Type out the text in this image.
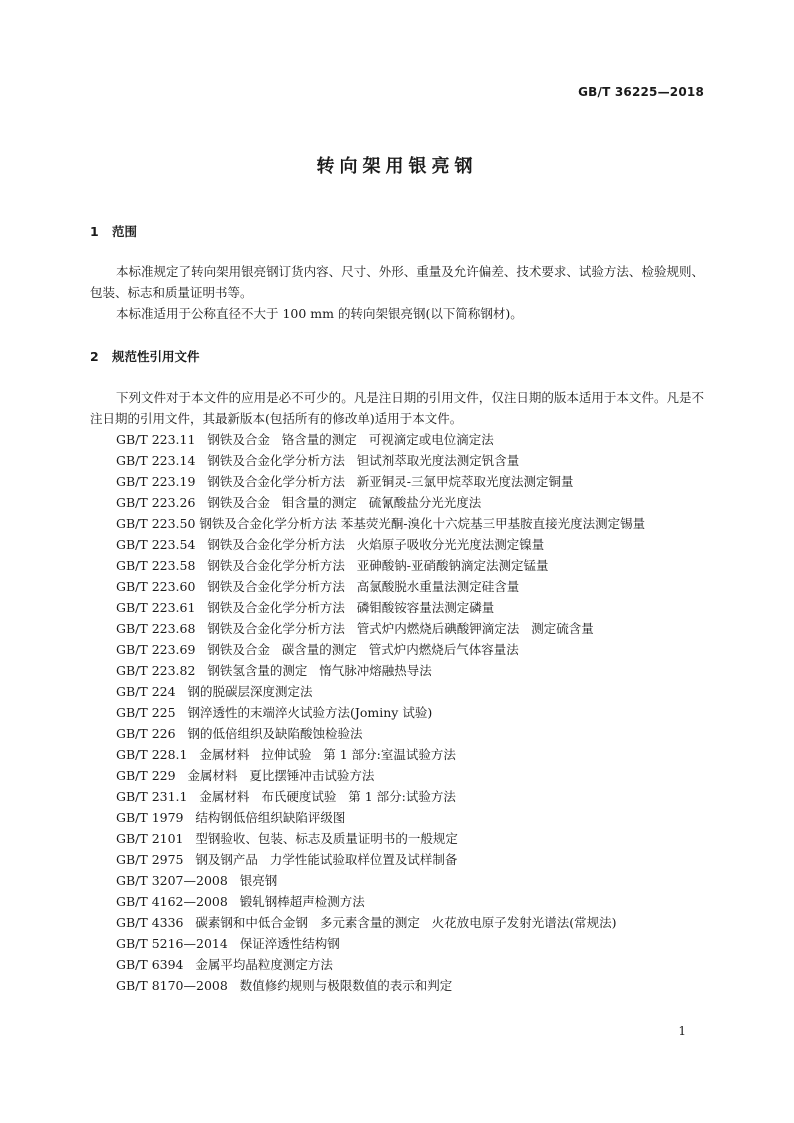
GB/T 36225—2018
转向架用银亮钢
1 范围
本标准规定了转向架用银亮钢订货内容、尺寸、外形、重量及允许偏差、技术要求、试验方法、检验规则、包装、标志和质量证明书等。
本标准适用于公称直径不大于 100 mm 的转向架银亮钢(以下简称钢材)。
2 规范性引用文件
下列文件对于本文件的应用是必不可少的。凡是注日期的引用文件，仅注日期的版本适用于本文件。凡是不注日期的引用文件，其最新版本(包括所有的修改单)适用于本文件。
GB/T 223.11   钢铁及合金   铬含量的测定   可视滴定或电位滴定法
GB/T 223.14   钢铁及合金化学分析方法   钽试剂萃取光度法测定钒含量
GB/T 223.19   钢铁及合金化学分析方法   新亚铜灵-三氯甲烷萃取光度法测定铜量
GB/T 223.26   钢铁及合金   钼含量的测定   硫氰酸盐分光光度法
GB/T 223.50 钢铁及合金化学分析方法 苯基荧光酮-溴化十六烷基三甲基胺直接光度法测定锡量
GB/T 223.54   钢铁及合金化学分析方法   火焰原子吸收分光光度法测定镍量
GB/T 223.58   钢铁及合金化学分析方法   亚砷酸钠-亚硝酸钠滴定法测定锰量
GB/T 223.60   钢铁及合金化学分析方法   高氯酸脱水重量法测定硅含量
GB/T 223.61   钢铁及合金化学分析方法   磷钼酸铵容量法测定磷量
GB/T 223.68   钢铁及合金化学分析方法   管式炉内燃烧后碘酸钾滴定法   测定硫含量
GB/T 223.69   钢铁及合金   碳含量的测定   管式炉内燃烧后气体容量法
GB/T 223.82   钢铁氢含量的测定   惰气脉冲熔融热导法
GB/T 224   钢的脱碳层深度测定法
GB/T 225   钢淬透性的末端淬火试验方法(Jominy 试验)
GB/T 226   钢的低倍组织及缺陷酸蚀检验法
GB/T 228.1   金属材料   拉伸试验   第 1 部分:室温试验方法
GB/T 229   金属材料   夏比摆锤冲击试验方法
GB/T 231.1   金属材料   布氏硬度试验   第 1 部分:试验方法
GB/T 1979   结构钢低倍组织缺陷评级图
GB/T 2101   型钢验收、包装、标志及质量证明书的一般规定
GB/T 2975   钢及钢产品   力学性能试验取样位置及试样制备
GB/T 3207—2008   银亮钢
GB/T 4162—2008   锻轧钢棒超声检测方法
GB/T 4336   碳素钢和中低合金钢   多元素含量的测定   火花放电原子发射光谱法(常规法)
GB/T 5216—2014   保证淬透性结构钢
GB/T 6394   金属平均晶粒度测定方法
GB/T 8170—2008   数值修约规则与极限数值的表示和判定
1
